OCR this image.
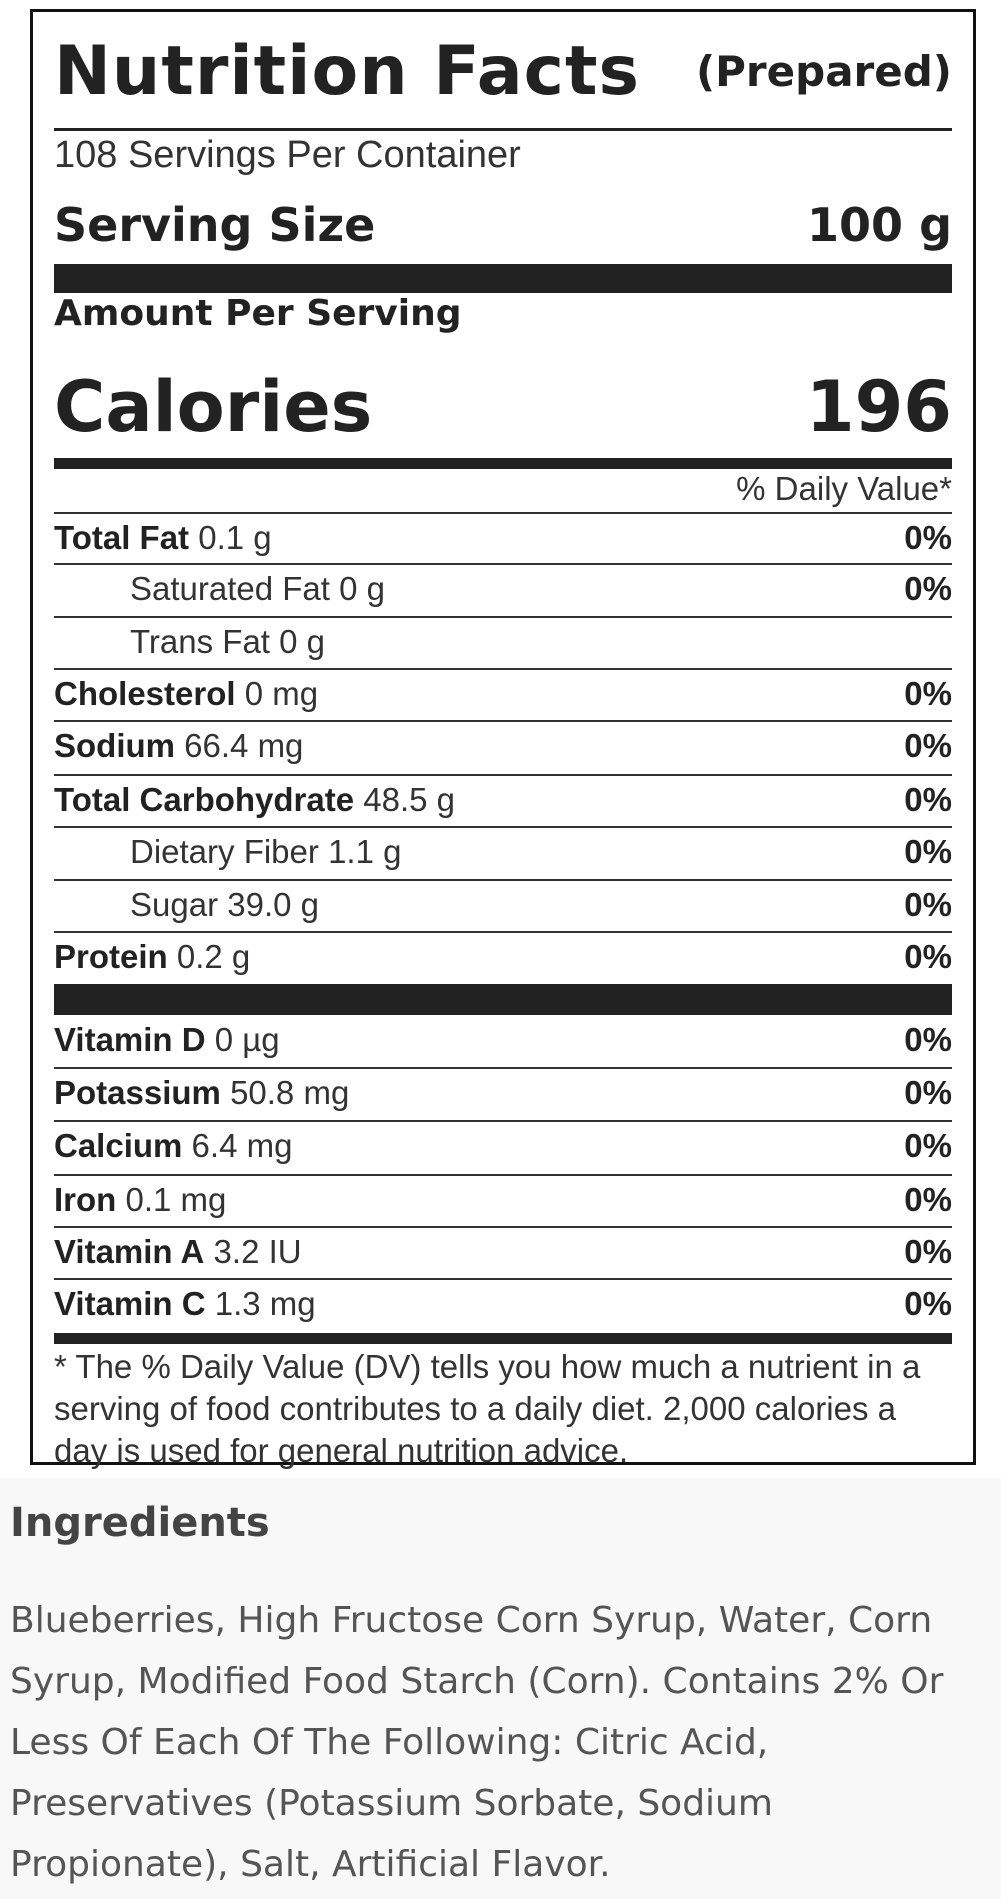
Nutrition Facts (Prepared)
108 Servings Per Container
Serving Size	100 g
Amount Per Serving
Calories	196
% Daily Value*
Total Fat 0.1 g	0%
Saturated Fat 0 g	0%
Trans Fat 0 g
Cholesterol 0 mg	0%
Sodium 66.4 mg	0%
Total Carbohydrate 48.5 g	0%
Dietary Fiber 1.1 g	0%
Sugar 39.0 g	0%
Protein 0.2 g	0%
Vitamin D 0 µg	0%
Potassium 50.8 mg	0%
Calcium 6.4 mg	0%
Iron 0.1 mg	0%
Vitamin A 3.2 IU	0%
Vitamin C 1.3 mg	0%
* The % Daily Value (DV) tells you how much a nutrient in a serving of food contributes to a daily diet. 2,000 calories a day is used for general nutrition advice.
Ingredients
Blueberries, High Fructose Corn Syrup, Water, Corn Syrup, Modified Food Starch (Corn). Contains 2% Or Less Of Each Of The Following: Citric Acid, Preservatives (Potassium Sorbate, Sodium Propionate), Salt, Artificial Flavor.
